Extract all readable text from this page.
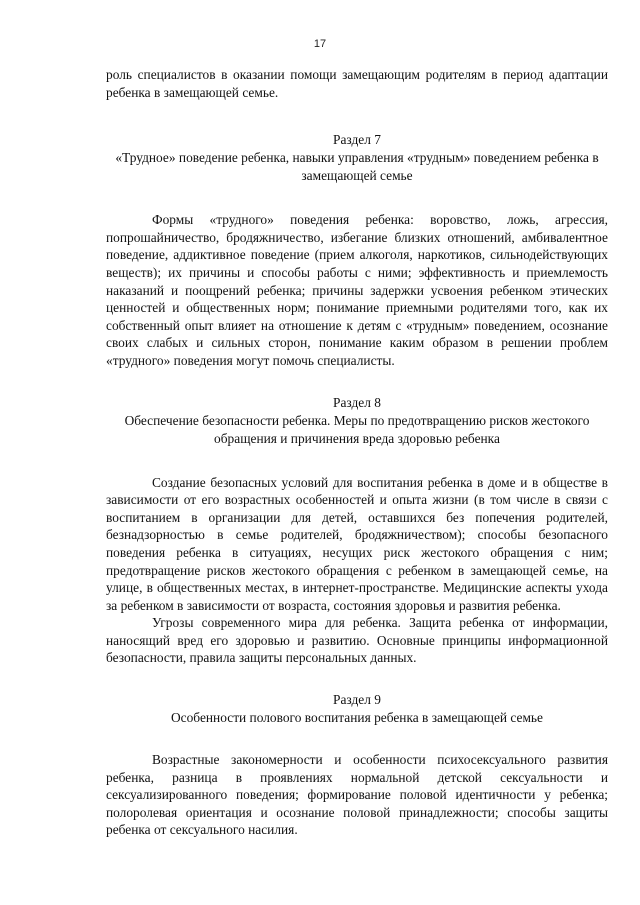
17

роль специалистов в оказании помощи замещающим родителям в период адаптации ребенка в замещающей семье.

Раздел 7
«Трудное» поведение ребенка, навыки управления «трудным» поведением ребенка в замещающей семье

Формы «трудного» поведения ребенка: воровство, ложь, агрессия, попрошайничество, бродяжничество, избегание близких отношений, амбивалентное поведение, аддиктивное поведение (прием алкоголя, наркотиков, сильнодействующих веществ); их причины и способы работы с ними; эффективность и приемлемость наказаний и поощрений ребенка; причины задержки усвоения ребенком этических ценностей и общественных норм; понимание приемными родителями того, как их собственный опыт влияет на отношение к детям с «трудным» поведением, осознание своих слабых и сильных сторон, понимание каким образом в решении проблем «трудного» поведения могут помочь специалисты.

Раздел 8
Обеспечение безопасности ребенка. Меры по предотвращению рисков жестокого обращения и причинения вреда здоровью ребенка

Создание безопасных условий для воспитания ребенка в доме и в обществе в зависимости от его возрастных особенностей и опыта жизни (в том числе в связи с воспитанием в организации для детей, оставшихся без попечения родителей, безнадзорностью в семье родителей, бродяжничеством); способы безопасного поведения ребенка в ситуациях, несущих риск жестокого обращения с ним; предотвращение рисков жестокого обращения с ребенком в замещающей семье, на улице, в общественных местах, в интернет-пространстве. Медицинские аспекты ухода за ребенком в зависимости от возраста, состояния здоровья и развития ребенка.

Угрозы современного мира для ребенка. Защита ребенка от информации, наносящий вред его здоровью и развитию. Основные принципы информационной безопасности, правила защиты персональных данных.

Раздел 9
Особенности полового воспитания ребенка в замещающей семье

Возрастные закономерности и особенности психосексуального развития ребенка, разница в проявлениях нормальной детской сексуальности и сексуализированного поведения; формирование половой идентичности у ребенка; полоролевая ориентация и осознание половой принадлежности; способы защиты ребенка от сексуального насилия.
